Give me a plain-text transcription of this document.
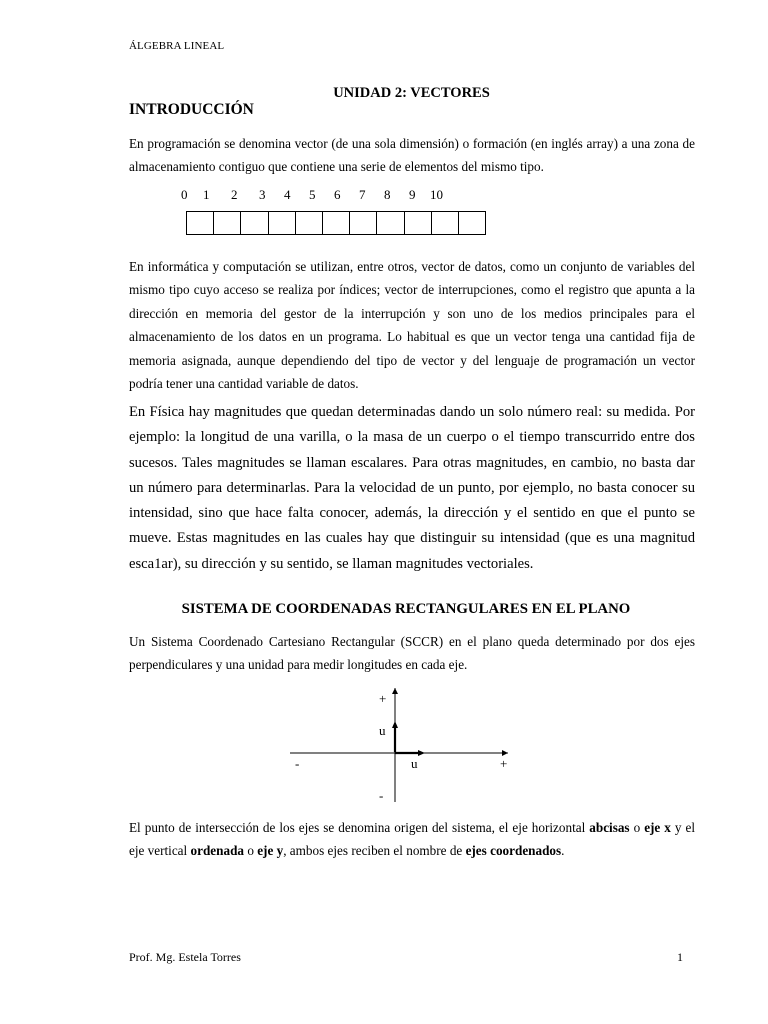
ÁLGEBRA LINEAL
UNIDAD 2: VECTORES
INTRODUCCIÓN
En programación se denomina vector (de una sola dimensión) o formación (en inglés array) a una zona de almacenamiento contiguo que contiene una serie de elementos del mismo tipo.
0 1 2 3 4 5 6 7 8 9 10
En informática y computación se utilizan, entre otros, vector de datos, como un conjunto de variables del mismo tipo cuyo acceso se realiza por índices; vector de interrupciones, como el registro que apunta a la dirección en memoria del gestor de la interrupción y son uno de los medios principales para el almacenamiento de los datos en un programa. Lo habitual es que un vector tenga una cantidad fija de memoria asignada, aunque dependiendo del tipo de vector y del lenguaje de programación un vector podría tener una cantidad variable de datos.
En Física hay magnitudes que quedan determinadas dando un solo número real: su medida. Por ejemplo: la longitud de una varilla, o la masa de un cuerpo o el tiempo transcurrido entre dos sucesos. Tales magnitudes se llaman escalares. Para otras magnitudes, en cambio, no basta dar un número para determinarlas. Para la velocidad de un punto, por ejemplo, no basta conocer su intensidad, sino que hace falta conocer, además, la dirección y el sentido en que el punto se mueve. Estas magnitudes en las cuales hay que distinguir su intensidad (que es una magnitud esca1ar), su dirección y su sentido, se llaman magnitudes vectoriales.
SISTEMA DE COORDENADAS RECTANGULARES EN EL PLANO
Un Sistema Coordenado Cartesiano Rectangular (SCCR) en el plano queda determinado por dos ejes perpendiculares y una unidad para medir longitudes en cada eje.
+
u
-	u	+
-
El punto de intersección de los ejes se denomina origen del sistema, el eje horizontal abcisas o eje x y el eje vertical ordenada o eje y, ambos ejes reciben el nombre de ejes coordenados.
Prof. Mg. Estela Torres	1
